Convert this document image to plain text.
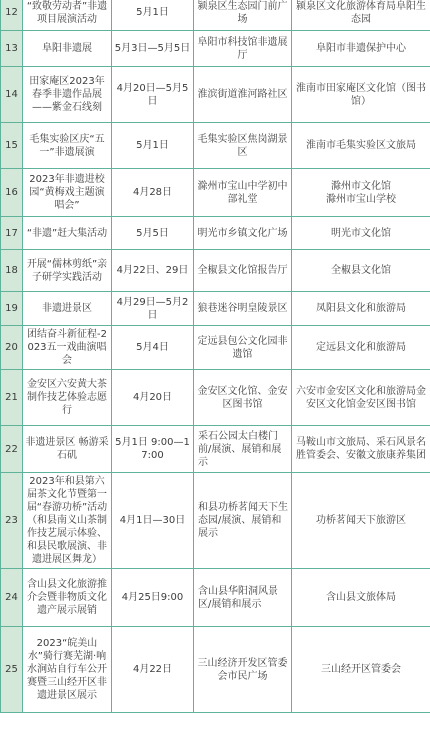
12	“致敬劳动者”非遗项目展演活动	5月1日	颍泉区生态园门前广场	颍泉区文化旅游体育局阜阳生态园
13	阜阳非遗展	5月3日—5月5日	阜阳市科技馆非遗展厅	阜阳市非遗保护中心
14	田家庵区2023年春季非遗作品展——紫金石线刻	4月20日—5月5日	淮滨街道淮河路社区	淮南市田家庵区文化馆（图书馆）
15	毛集实验区庆“五一”非遗展演	5月1日	毛集实验区焦岗湖景区	淮南市毛集实验区文旅局
16	2023年非遗进校园“黄梅戏主题演唱会”	4月28日	滁州市宝山中学初中部礼堂	滁州市文化馆
滁州市宝山学校
17	“非遗”赶大集活动	5月5日	明光市乡镇文化广场	明光市文化馆
18	开展“儒林剪纸”亲子研学实践活动	4月22日、29日	全椒县文化馆报告厅	全椒县文化馆
19	非遗进景区	4月29日—5月2日	狼巷迷谷明皇陵景区	凤阳县文化和旅游局
20	团结奋斗新征程-2023五一戏曲演唱会	5月4日	定远县包公文化园非遗馆	定远县文化和旅游局
21	金安区六安黄大茶制作技艺体验志愿行	4月20日	金安区文化馆、金安区图书馆	六安市金安区文化和旅游局金安区文化馆金安区图书馆
22	非遗进景区 畅游采石矶	5月1日 9:00—17:00	采石公园太白楼门前/展演、展销和展示	马鞍山市文旅局、采石风景名胜管委会、安徽文旅康养集团
23	2023年和县第六届茶文化节暨第一届“春游功桥”活动（和县南义山茶制作技艺展示体验、和县民歌展演、非遗进展区舞龙）	4月1日—30日	和县功桥茗闻天下生态园/展演、展销和展示	功桥茗闻天下旅游区
24	含山县文化旅游推介会暨非物质文化遗产展示展销	4月25日9:00	含山县华阳洞风景区/展销和展示	含山县文旅体局
25	2023“皖美山水”骑行赛芜湖·响水涧站自行车公开赛暨三山经开区非遗进景区展示	4月22日	三山经济开发区管委会市民广场	三山经开区管委会
